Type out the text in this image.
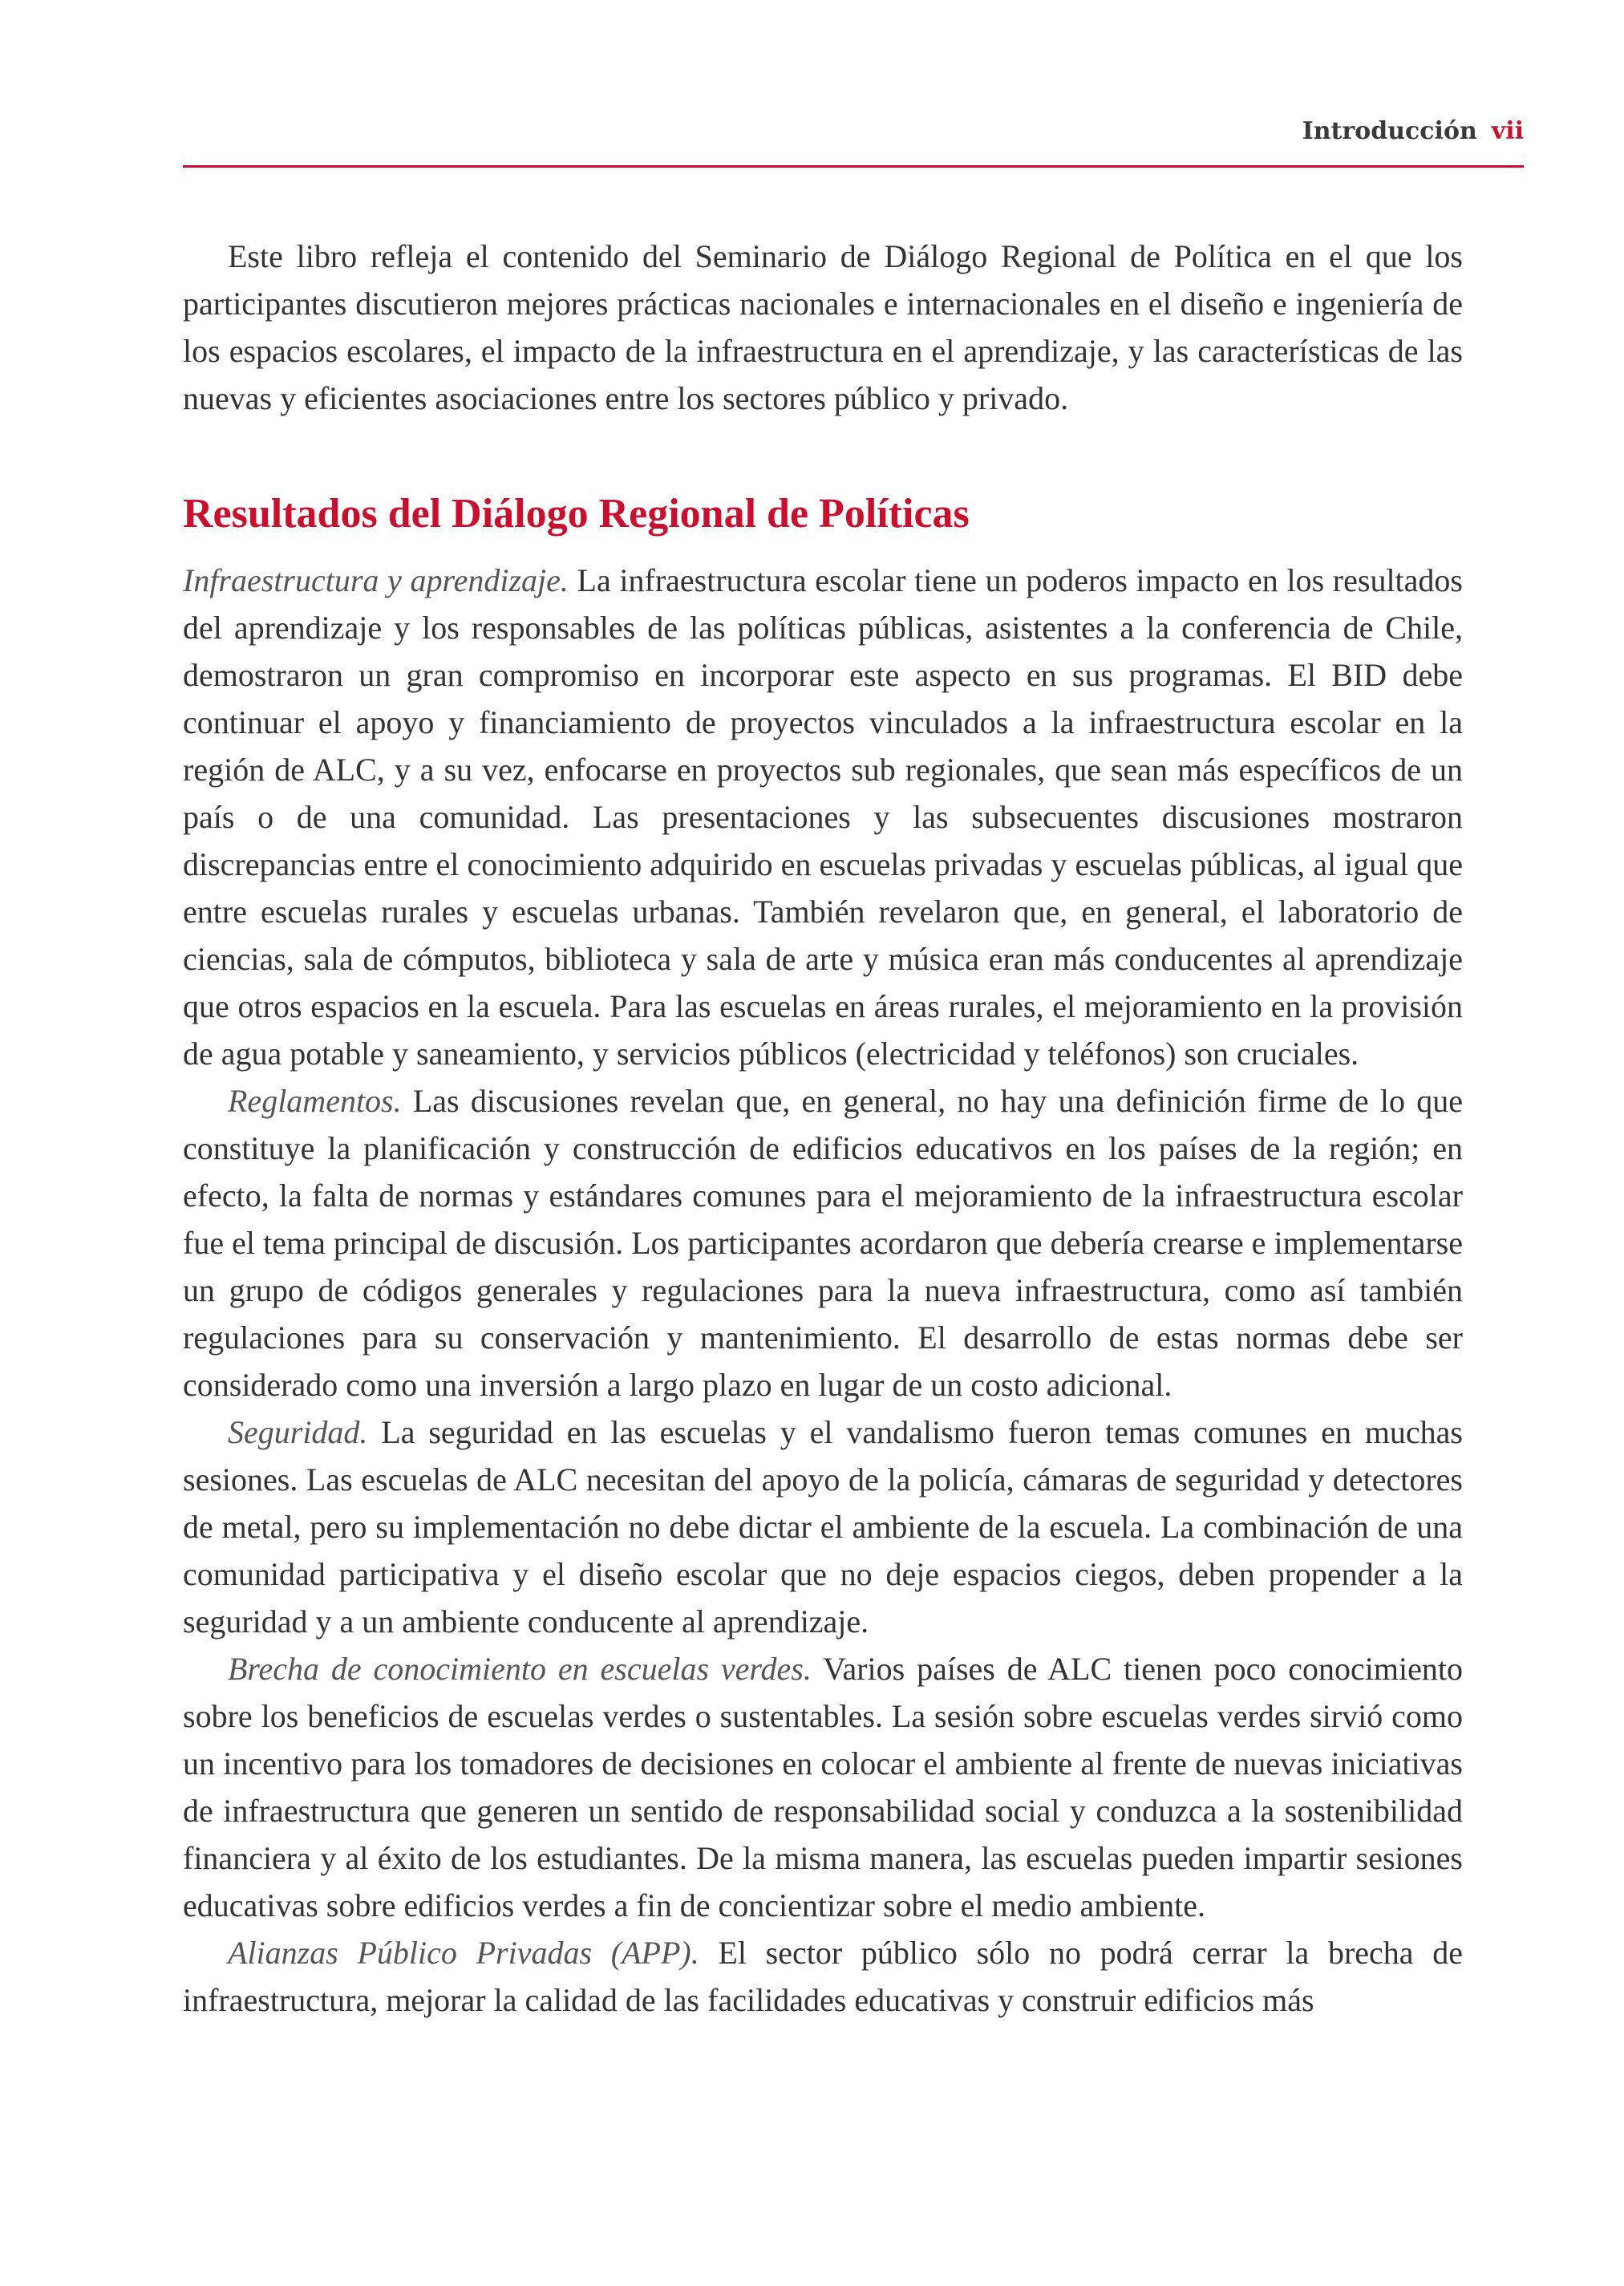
Introducción vii

Este libro refleja el contenido del Seminario de Diálogo Regional de Política en el que los participantes discutieron mejores prácticas nacionales e internacionales en el diseño e ingeniería de los espacios escolares, el impacto de la infraestructura en el aprendizaje, y las características de las nuevas y eficientes asociaciones entre los sectores público y privado.

Resultados del Diálogo Regional de Políticas

Infraestructura y aprendizaje. La infraestructura escolar tiene un poderos impacto en los resultados del aprendizaje y los responsables de las políticas públicas, asistentes a la conferencia de Chile, demostraron un gran compromiso en incorporar este aspecto en sus programas. El BID debe continuar el apoyo y financiamiento de proyectos vinculados a la infraestructura escolar en la región de ALC, y a su vez, enfocarse en proyectos sub regionales, que sean más específicos de un país o de una comunidad. Las presentaciones y las subsecuentes discusiones mostraron discrepancias entre el conocimiento adquirido en escuelas privadas y escuelas públicas, al igual que entre escuelas rurales y escuelas urbanas. También revelaron que, en general, el laboratorio de ciencias, sala de cómputos, biblioteca y sala de arte y música eran más conducentes al aprendizaje que otros espacios en la escuela. Para las escuelas en áreas rurales, el mejoramiento en la provisión de agua potable y saneamiento, y servicios públicos (electricidad y teléfonos) son cruciales.

Reglamentos. Las discusiones revelan que, en general, no hay una definición firme de lo que constituye la planificación y construcción de edificios educativos en los países de la región; en efecto, la falta de normas y estándares comunes para el mejoramiento de la infraestructura escolar fue el tema principal de discusión. Los participantes acordaron que debería crearse e implementarse un grupo de códigos generales y regulaciones para la nueva infraestructura, como así también regulaciones para su conservación y mantenimiento. El desarrollo de estas normas debe ser considerado como una inversión a largo plazo en lugar de un costo adicional.

Seguridad. La seguridad en las escuelas y el vandalismo fueron temas comunes en muchas sesiones. Las escuelas de ALC necesitan del apoyo de la policía, cámaras de seguridad y detectores de metal, pero su implementación no debe dictar el ambiente de la escuela. La combinación de una comunidad participativa y el diseño escolar que no deje espacios ciegos, deben propender a la seguridad y a un ambiente conducente al aprendizaje.

Brecha de conocimiento en escuelas verdes. Varios países de ALC tienen poco conocimiento sobre los beneficios de escuelas verdes o sustentables. La sesión sobre escuelas verdes sirvió como un incentivo para los tomadores de decisiones en colocar el ambiente al frente de nuevas iniciativas de infraestructura que generen un sentido de responsabilidad social y conduzca a la sostenibilidad financiera y al éxito de los estudiantes. De la misma manera, las escuelas pueden impartir sesiones educativas sobre edificios verdes a fin de concientizar sobre el medio ambiente.

Alianzas Público Privadas (APP). El sector público sólo no podrá cerrar la brecha de infraestructura, mejorar la calidad de las facilidades educativas y construir edificios más
